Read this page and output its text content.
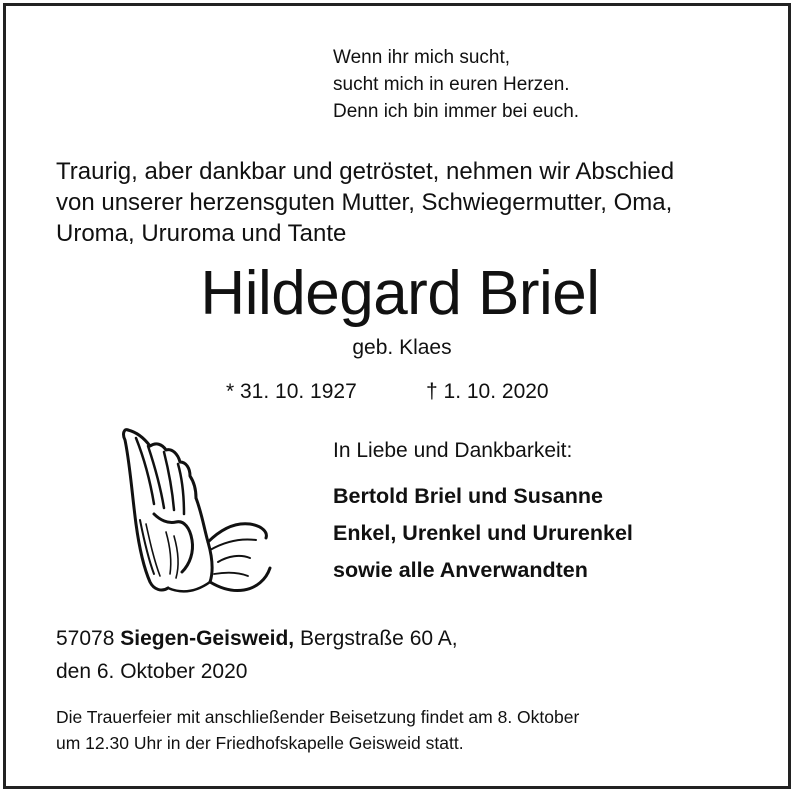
Wenn ihr mich sucht,
sucht mich in euren Herzen.
Denn ich bin immer bei euch.
Traurig, aber dankbar und getröstet, nehmen wir Abschied
von unserer herzensguten Mutter, Schwiegermutter, Oma,
Uroma, Ururoma und Tante
Hildegard Briel
geb. Klaes
* 31. 10. 1927	† 1. 10. 2020
In Liebe und Dankbarkeit:
Bertold Briel und Susanne
Enkel, Urenkel und Ururenkel
sowie alle Anverwandten
57078 Siegen-Geisweid, Bergstraße 60 A,
den 6. Oktober 2020
Die Trauerfeier mit anschließender Beisetzung findet am 8. Oktober
um 12.30 Uhr in der Friedhofskapelle Geisweid statt.
